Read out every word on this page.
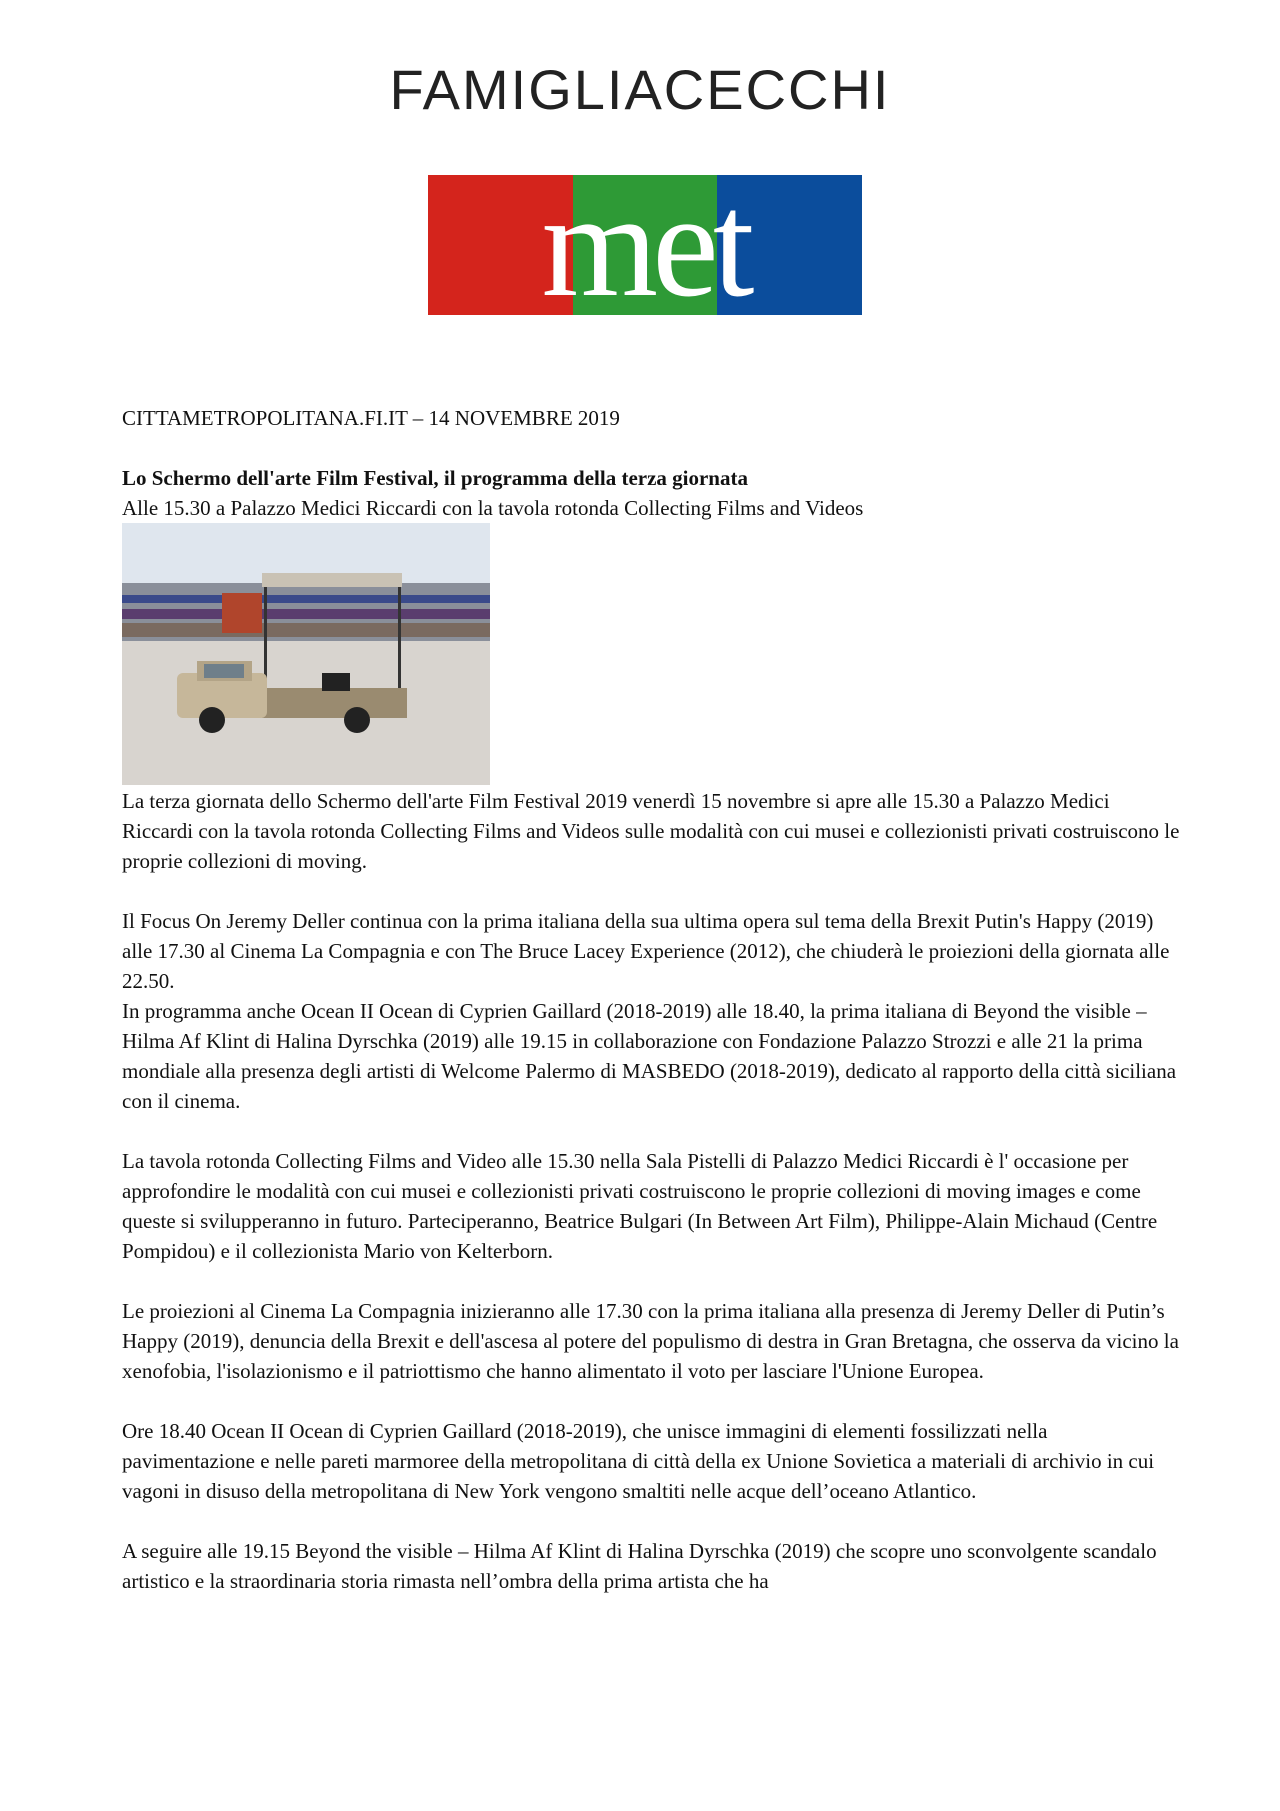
FAMIGLIACECCHI
met
CITTAMETROPOLITANA.FI.IT – 14 NOVEMBRE 2019
Lo Schermo dell'arte Film Festival, il programma della terza giornata
Alle 15.30 a Palazzo Medici Riccardi con la tavola rotonda Collecting Films and Videos

La terza giornata dello Schermo dell'arte Film Festival 2019 venerdì 15 novembre si apre alle 15.30 a Palazzo Medici Riccardi con la tavola rotonda Collecting Films and Videos sulle modalità con cui musei e collezionisti privati costruiscono le proprie collezioni di moving.

Il Focus On Jeremy Deller continua con la prima italiana della sua ultima opera sul tema della Brexit Putin's Happy (2019) alle 17.30 al Cinema La Compagnia e con The Bruce Lacey Experience (2012), che chiuderà le proiezioni della giornata alle 22.50.

In programma anche Ocean II Ocean di Cyprien Gaillard (2018-2019) alle 18.40, la prima italiana di Beyond the visible – Hilma Af Klint di Halina Dyrschka (2019) alle 19.15 in collaborazione con Fondazione Palazzo Strozzi e alle 21 la prima mondiale alla presenza degli artisti di Welcome Palermo di MASBEDO (2018-2019), dedicato al rapporto della città siciliana con il cinema.

La tavola rotonda Collecting Films and Video alle 15.30 nella Sala Pistelli di Palazzo Medici Riccardi è l' occasione per approfondire le modalità con cui musei e collezionisti privati costruiscono le proprie collezioni di moving images e come queste si svilupperanno in futuro. Parteciperanno, Beatrice Bulgari (In Between Art Film), Philippe-Alain Michaud (Centre Pompidou) e il collezionista Mario von Kelterborn.

Le proiezioni al Cinema La Compagnia inizieranno alle 17.30 con la prima italiana alla presenza di Jeremy Deller di Putin’s Happy (2019), denuncia della Brexit e dell'ascesa al potere del populismo di destra in Gran Bretagna, che osserva da vicino la xenofobia, l'isolazionismo e il patriottismo che hanno alimentato il voto per lasciare l'Unione Europea.

Ore 18.40 Ocean II Ocean di Cyprien Gaillard (2018-2019), che unisce immagini di elementi fossilizzati nella pavimentazione e nelle pareti marmoree della metropolitana di città della ex Unione Sovietica a materiali di archivio in cui vagoni in disuso della metropolitana di New York vengono smaltiti nelle acque dell’oceano Atlantico.

A seguire alle 19.15 Beyond the visible – Hilma Af Klint di Halina Dyrschka (2019) che scopre uno sconvolgente scandalo artistico e la straordinaria storia rimasta nell’ombra della prima artista che ha
